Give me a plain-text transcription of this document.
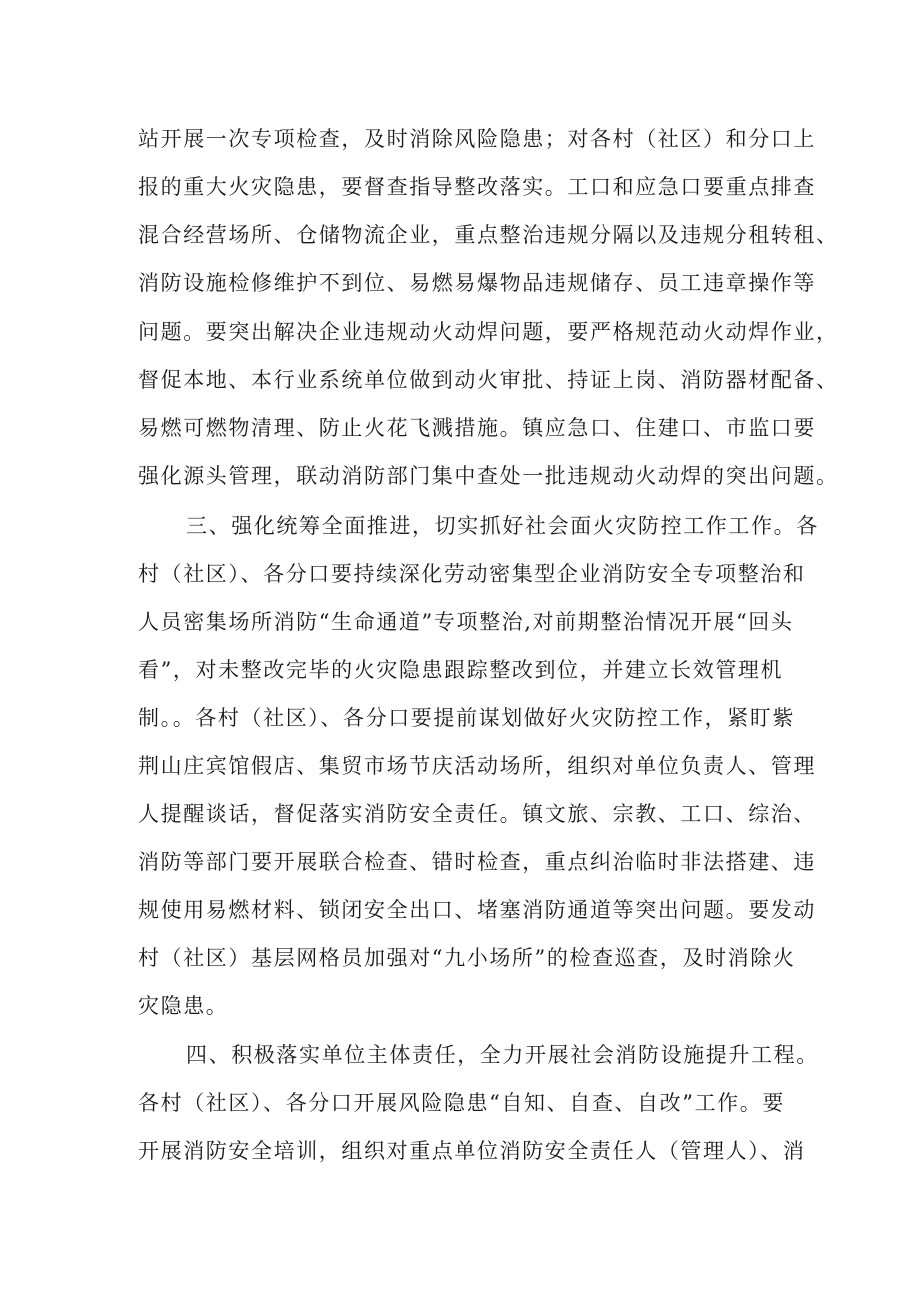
站开展一次专项检查，及时消除风险隐患；对各村（社区）和分口上
报的重大火灾隐患，要督查指导整改落实。工口和应急口要重点排查
混合经营场所、仓储物流企业，重点整治违规分隔以及违规分租转租、
消防设施检修维护不到位、易燃易爆物品违规储存、员工违章操作等
问题。要突出解决企业违规动火动焊问题，要严格规范动火动焊作业，
督促本地、本行业系统单位做到动火审批、持证上岗、消防器材配备、
易燃可燃物清理、防止火花飞溅措施。镇应急口、住建口、市监口要
强化源头管理，联动消防部门集中查处一批违规动火动焊的突出问题。
三、强化统筹全面推进，切实抓好社会面火灾防控工作工作。各
村（社区）、各分口要持续深化劳动密集型企业消防安全专项整治和
人员密集场所消防“生命通道”专项整治,对前期整治情况开展“回头
看”，对未整改完毕的火灾隐患跟踪整改到位，并建立长效管理机
制。。各村（社区）、各分口要提前谋划做好火灾防控工作，紧盯紫
荆山庄宾馆假店、集贸市场节庆活动场所，组织对单位负责人、管理
人提醒谈话，督促落实消防安全责任。镇文旅、宗教、工口、综治、
消防等部门要开展联合检查、错时检查，重点纠治临时非法搭建、违
规使用易燃材料、锁闭安全出口、堵塞消防通道等突出问题。要发动
村（社区）基层网格员加强对“九小场所”的检查巡查，及时消除火
灾隐患。
四、积极落实单位主体责任，全力开展社会消防设施提升工程。
各村（社区）、各分口开展风险隐患“自知、自查、自改”工作。要
开展消防安全培训，组织对重点单位消防安全责任人（管理人）、消
